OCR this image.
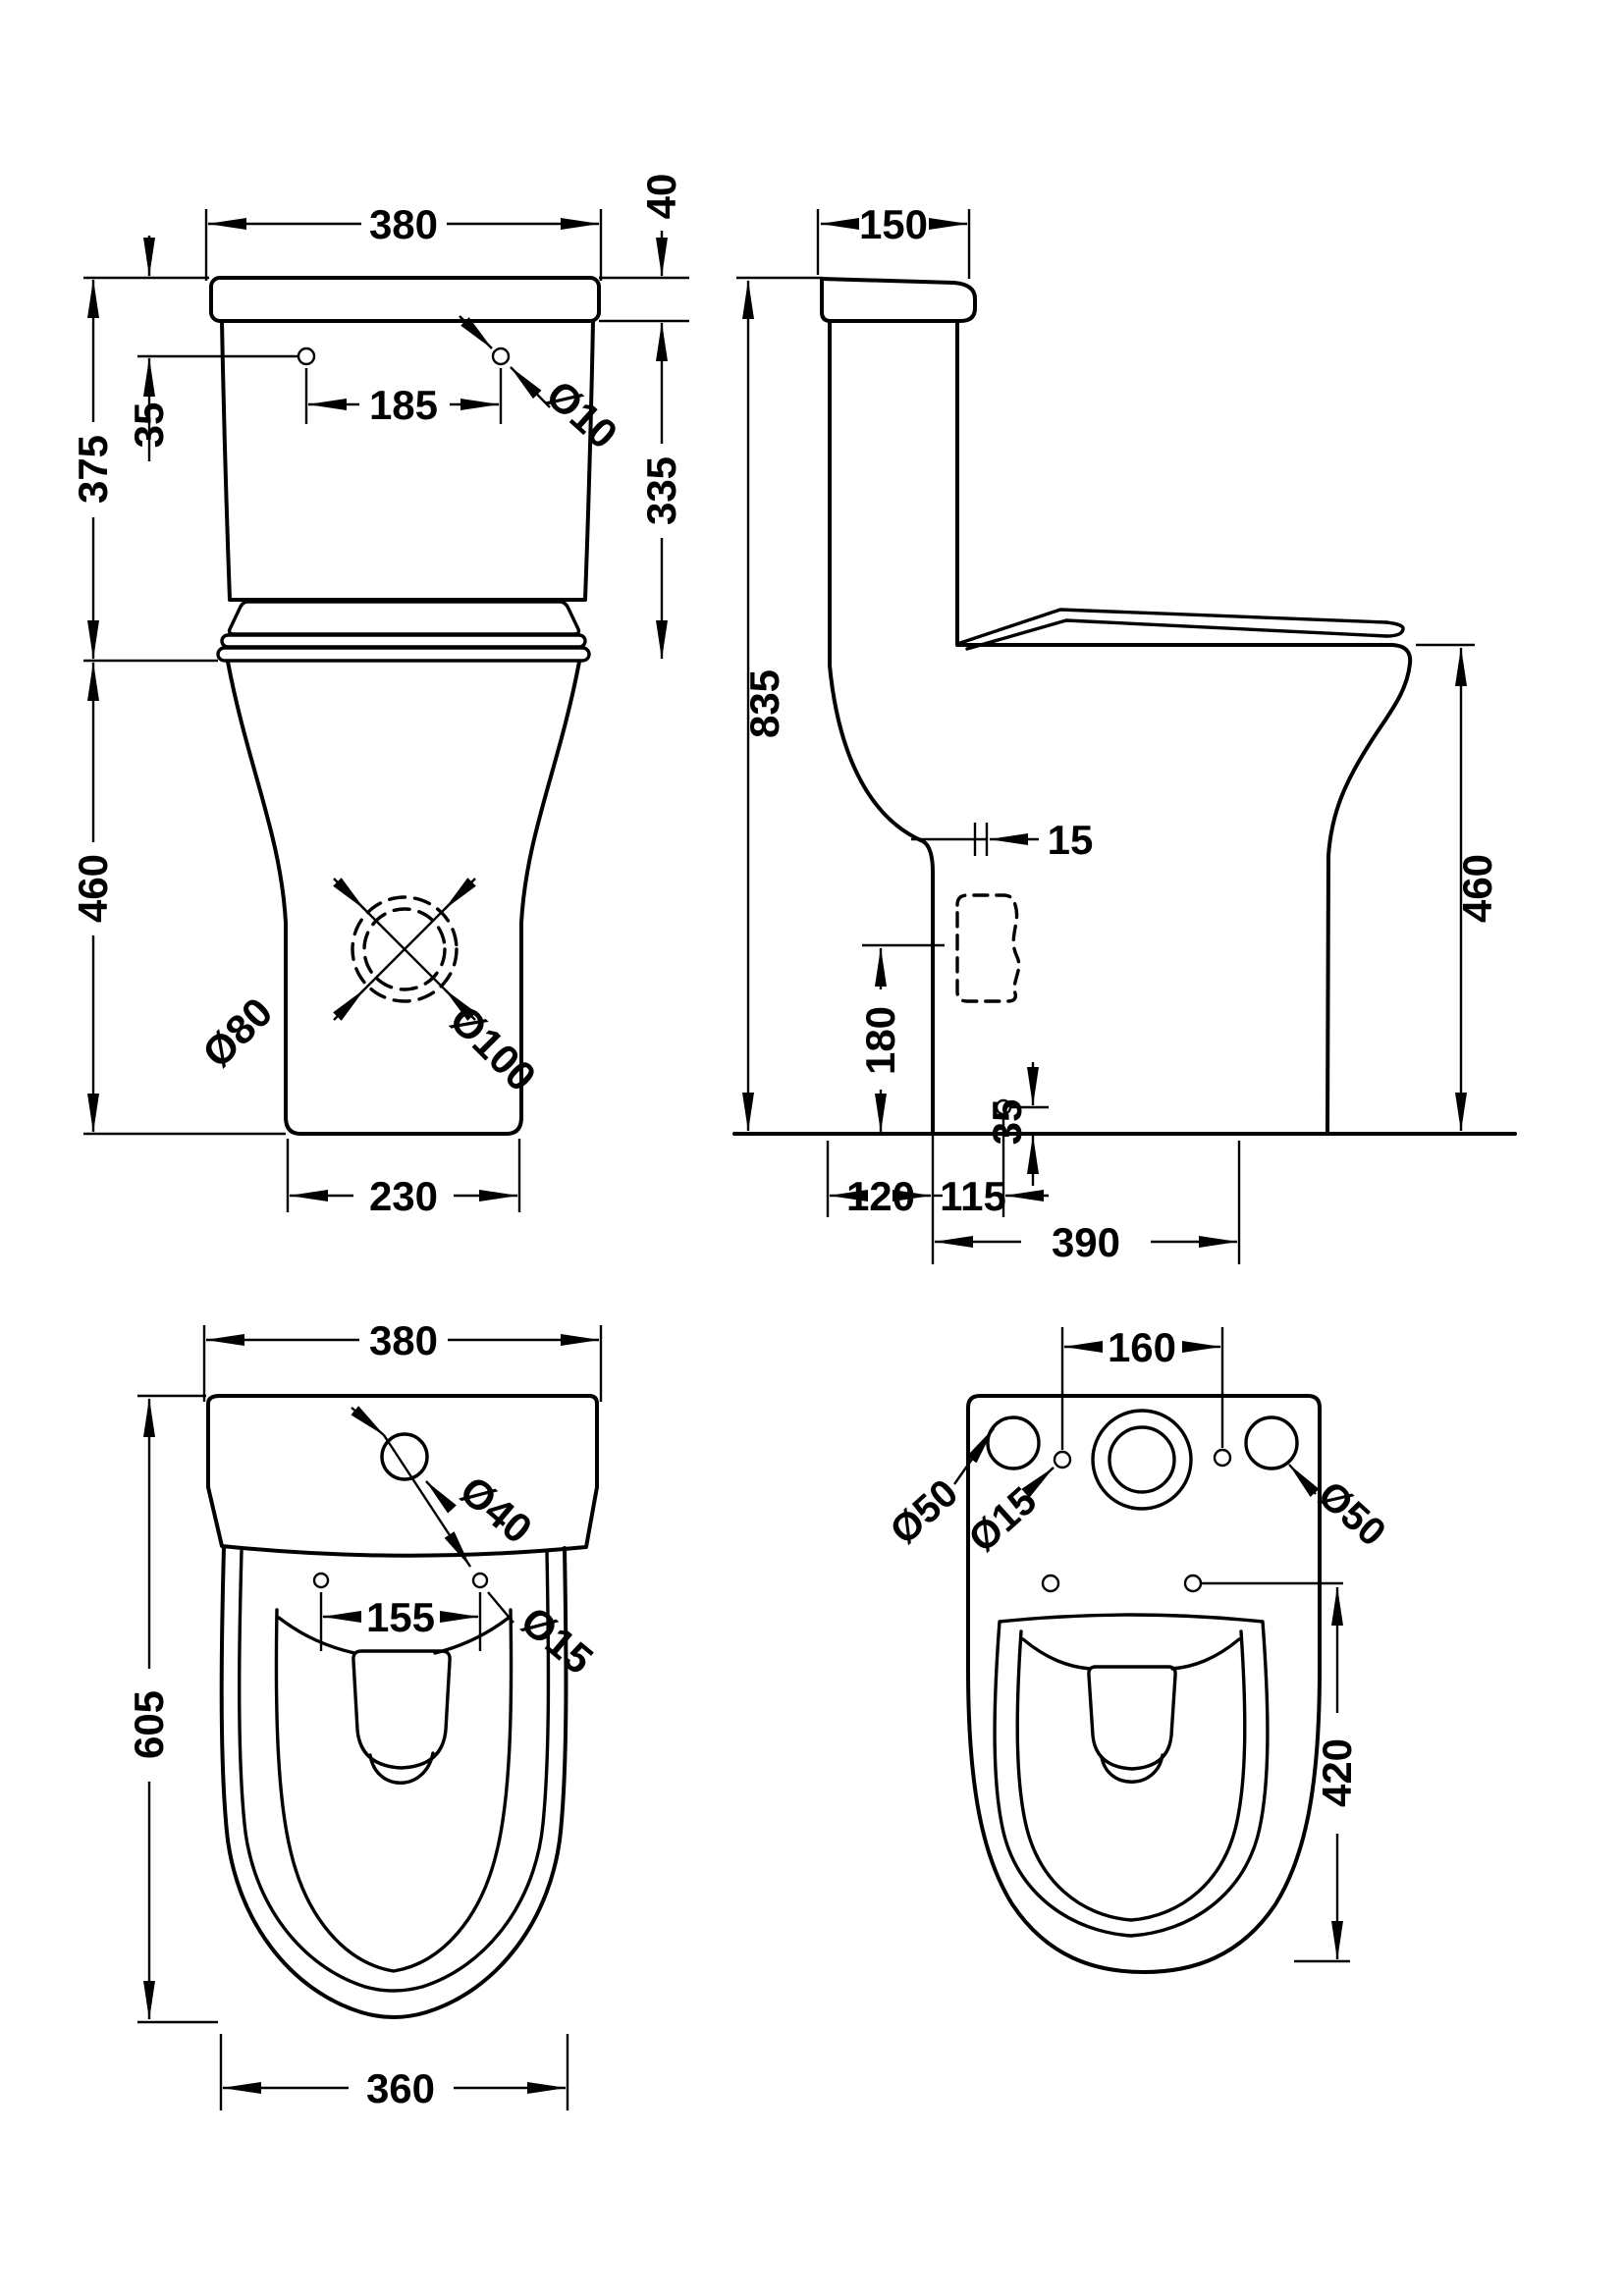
Ø80	Ø100
380
40
335
375
460
35	185 Ø10
230
150
835
15
180
35
120 115
390
460
380
Ø40
Ø15
155
605
360
160
Ø50
Ø15	Ø50
420
